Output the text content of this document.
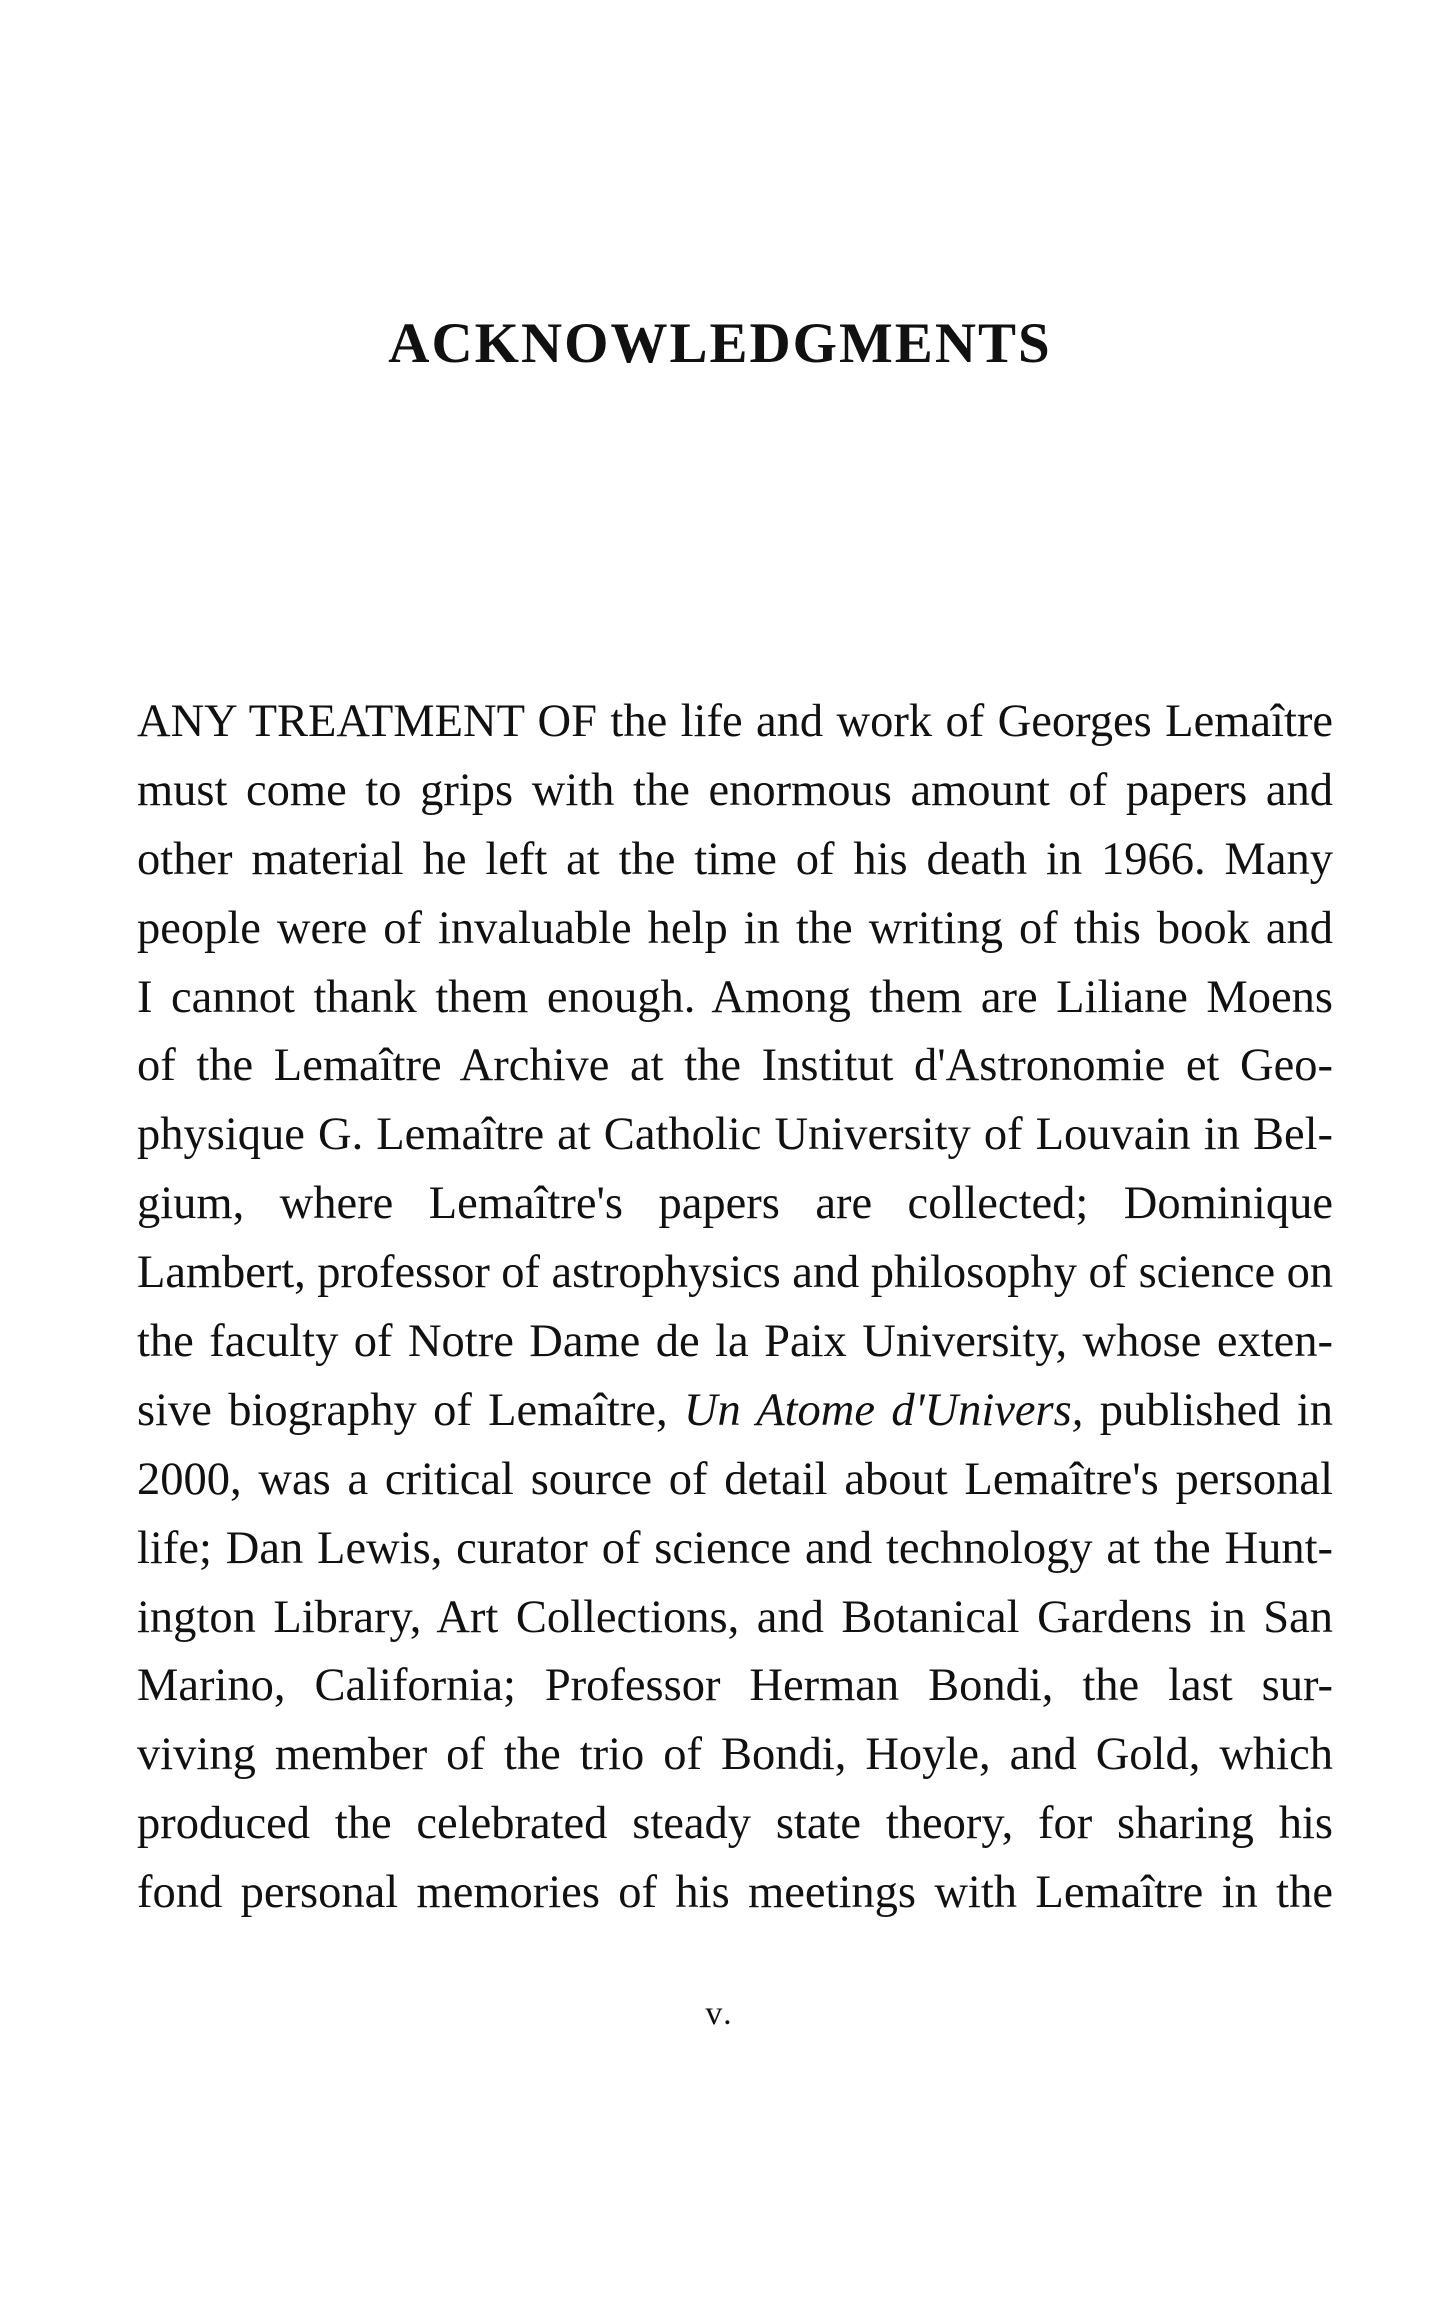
ACKNOWLEDGMENTS
ANY TREATMENT OF the life and work of Georges Lemaître
must come to grips with the enormous amount of papers and
other material he left at the time of his death in 1966. Many
people were of invaluable help in the writing of this book and
I cannot thank them enough. Among them are Liliane Moens
of the Lemaître Archive at the Institut d'Astronomie et Geo-
physique G. Lemaître at Catholic University of Louvain in Bel-
gium, where Lemaître's papers are collected; Dominique
Lambert, professor of astrophysics and philosophy of science on
the faculty of Notre Dame de la Paix University, whose exten-
sive biography of Lemaître, Un Atome d'Univers, published in
2000, was a critical source of detail about Lemaître's personal
life; Dan Lewis, curator of science and technology at the Hunt-
ington Library, Art Collections, and Botanical Gardens in San
Marino, California; Professor Herman Bondi, the last sur-
viving member of the trio of Bondi, Hoyle, and Gold, which
produced the celebrated steady state theory, for sharing his
fond personal memories of his meetings with Lemaître in the
v.
